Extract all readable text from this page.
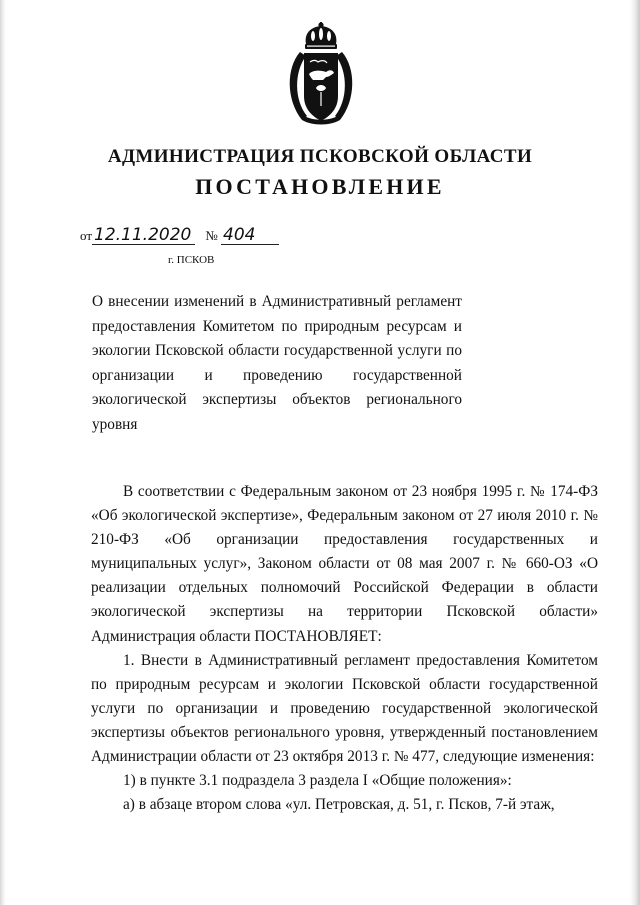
АДМИНИСТРАЦИЯ ПСКОВСКОЙ ОБЛАСТИ
ПОСТАНОВЛЕНИЕ
от 12.11.2020 № 404
г. ПСКОВ
О внесении изменений в Административный регламент предоставления Комитетом по природным ресурсам и экологии Псковской области государственной услуги по организации и проведению государственной экологической экспертизы объектов регионального уровня

В соответствии с Федеральным законом от 23 ноября 1995 г. № 174-ФЗ «Об экологической экспертизе», Федеральным законом от 27 июля 2010 г. № 210-ФЗ «Об организации предоставления государственных и муниципальных услуг», Законом области от 08 мая 2007 г. № 660-ОЗ «О реализации отдельных полномочий Российской Федерации в области экологической экспертизы на территории Псковской области» Администрация области ПОСТАНОВЛЯЕТ:

1. Внести в Административный регламент предоставления Комитетом по природным ресурсам и экологии Псковской области государственной услуги по организации и проведению государственной экологической экспертизы объектов регионального уровня, утвержденный постановлением Администрации области от 23 октября 2013 г. № 477, следующие изменения:

1) в пункте 3.1 подраздела 3 раздела I «Общие положения»:

а) в абзаце втором слова «ул. Петровская, д. 51, г. Псков, 7-й этаж,
